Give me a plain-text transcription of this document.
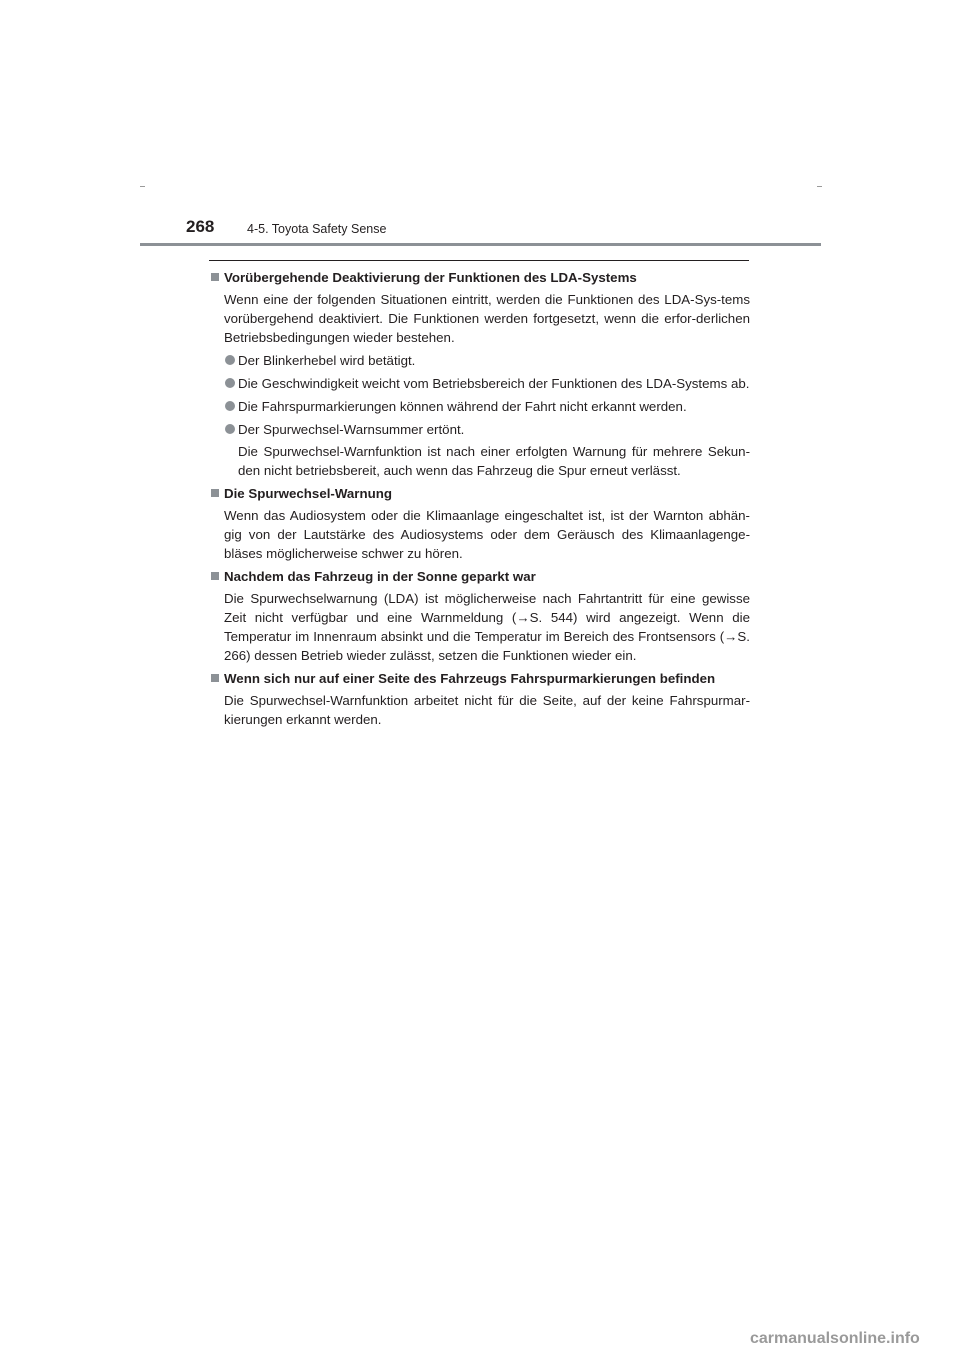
268	4-5. Toyota Safety Sense
Vorübergehende Deaktivierung der Funktionen des LDA-Systems
Wenn eine der folgenden Situationen eintritt, werden die Funktionen des LDA-Sys-tems vorübergehend deaktiviert. Die Funktionen werden fortgesetzt, wenn die erfor-derlichen Betriebsbedingungen wieder bestehen.
Der Blinkerhebel wird betätigt.
Die Geschwindigkeit weicht vom Betriebsbereich der Funktionen des LDA-Systems ab.
Die Fahrspurmarkierungen können während der Fahrt nicht erkannt werden.
Der Spurwechsel-Warnsummer ertönt.
Die Spurwechsel-Warnfunktion ist nach einer erfolgten Warnung für mehrere Sekun-den nicht betriebsbereit, auch wenn das Fahrzeug die Spur erneut verlässt.
Die Spurwechsel-Warnung
Wenn das Audiosystem oder die Klimaanlage eingeschaltet ist, ist der Warnton abhän-gig von der Lautstärke des Audiosystems oder dem Geräusch des Klimaanlagenge-bläses möglicherweise schwer zu hören.
Nachdem das Fahrzeug in der Sonne geparkt war
Die Spurwechselwarnung (LDA) ist möglicherweise nach Fahrtantritt für eine gewisse Zeit nicht verfügbar und eine Warnmeldung (→S. 544) wird angezeigt. Wenn die Temperatur im Innenraum absinkt und die Temperatur im Bereich des Frontsensors (→S. 266) dessen Betrieb wieder zulässt, setzen die Funktionen wieder ein.
Wenn sich nur auf einer Seite des Fahrzeugs Fahrspurmarkierungen befinden
Die Spurwechsel-Warnfunktion arbeitet nicht für die Seite, auf der keine Fahrspurmar-kierungen erkannt werden.
carmanualsonline.info
